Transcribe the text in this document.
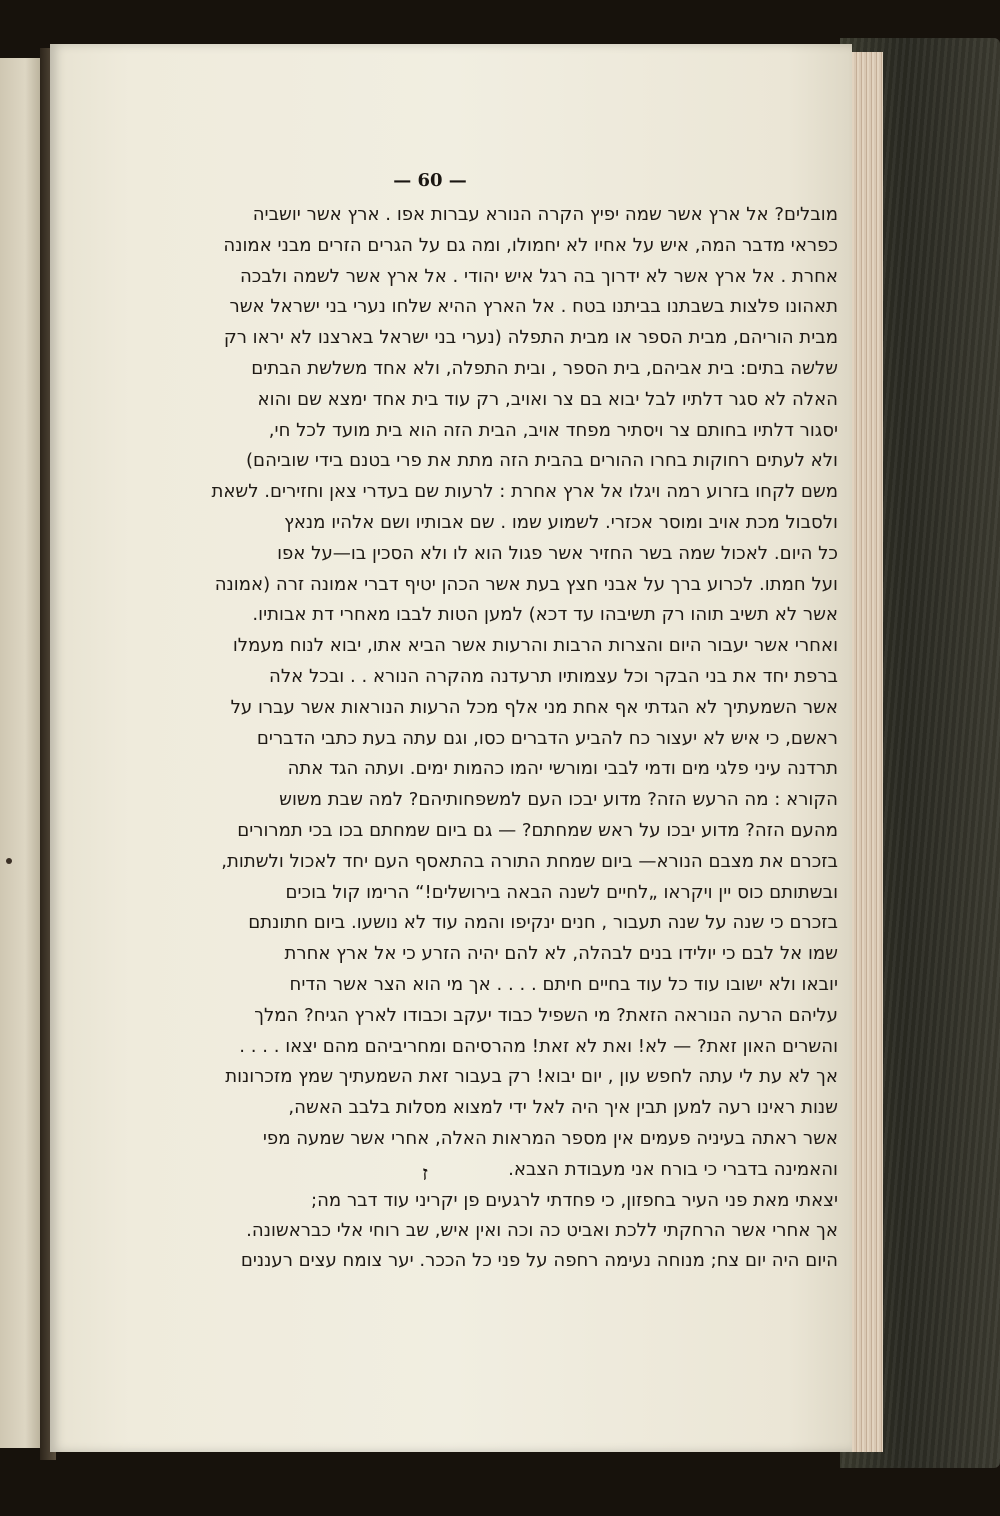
— 60 —
מובלים? אל ארץ אשר שמה יפיץ הקרה הנורא עברות אפו . ארץ אשר יושביה
כפראי מדבר המה, איש על אחיו לא יחמולו, ומה גם על הגרים הזרים מבני אמונה
אחרת . אל ארץ אשר לא ידרוך בה רגל איש יהודי . אל ארץ אשר לשמה ולבכה
תאהונו פלצות בשבתנו בביתנו בטח . אל הארץ ההיא שלחו נערי בני ישראל אשר
מבית הוריהם, מבית הספר או מבית התפלה (נערי בני ישראל בארצנו לא יראו רק
שלשה בתים: בית אביהם, בית הספר , ובית התפלה, ולא אחד משלשת הבתים
האלה לא סגר דלתיו לבל יבוא בם צר ואויב, רק עוד בית אחד ימצא שם והוא
יסגור דלתיו בחותם צר ויסתיר מפחד אויב, הבית הזה הוא בית מועד לכל חי,
ולא לעתים רחוקות בחרו ההורים בהבית הזה מתת את פרי בטנם בידי שוביהם)
משם לקחו בזרוע רמה ויגלו אל ארץ אחרת : לרעות שם בעדרי צאן וחזירים. לשאת
ולסבול מכת אויב ומוסר אכזרי. לשמוע שמו . שם אבותיו ושם אלהיו מנאץ
כל היום. לאכול שמה בשר החזיר אשר פגול הוא לו ולא הסכין בו—על אפו
ועל חמתו. לכרוע ברך על אבני חצץ בעת אשר הכהן יטיף דברי אמונה זרה (אמונה
אשר לא תשיב תוהו רק תשיבהו עד דכא) למען הטות לבבו מאחרי דת אבותיו.
ואחרי אשר יעבור היום והצרות הרבות והרעות אשר הביא אתו, יבוא לנוח מעמלו
ברפת יחד את בני הבקר וכל עצמותיו תרעדנה מהקרה הנורא . . ובכל אלה
אשר השמעתיך לא הגדתי אף אחת מני אלף מכל הרעות הנוראות אשר עברו על
ראשם, כי איש לא יעצור כח להביע הדברים כסו, וגם עתה בעת כתבי הדברים
תרדנה עיני פלגי מים ודמי לבבי ומורשי יהמו כהמות ימים. ועתה הגד אתה
הקורא : מה הרעש הזה? מדוע יבכו העם למשפחותיהם? למה שבת משוש
מהעם הזה? מדוע יבכו על ראש שמחתם? — גם ביום שמחתם בכו בכי תמרורים
בזכרם את מצבם הנורא— ביום שמחת התורה בהתאסף העם יחד לאכול ולשתות,
ובשתותם כוס יין ויקראו „לחיים לשנה הבאה בירושלים!“ הרימו קול בוכים
בזכרם כי שנה על שנה תעבור , חנים ינקיפו והמה עוד לא נושעו. ביום חתונתם
שמו אל לבם כי יולידו בנים לבהלה, לא להם יהיה הזרע כי אל ארץ אחרת
יובאו ולא ישובו עוד כל עוד בחיים חיתם . . . . אך מי הוא הצר אשר הדיח
עליהם הרעה הנוראה הזאת? מי השפיל כבוד יעקב וכבודו לארץ הגיח? המלך
והשרים האון זאת? — לא! ואת לא זאת! מהרסיהם ומחריביהם מהם יצאו . . . .
אך לא עת לי עתה לחפש עון , יום יבוא! רק בעבור זאת השמעתיך שמץ מזכרונות
שנות ראינו רעה למען תבין איך היה לאל ידי למצוא מסלות בלבב האשה,
אשר ראתה בעיניה פעמים אין מספר המראות האלה, אחרי אשר שמעה מפי
והאמינה בדברי כי בורח אני מעבודת הצבא.
ז
יצאתי מאת פני העיר בחפזון, כי פחדתי לרגעים פן יקריני עוד דבר מה;
אך אחרי אשר הרחקתי ללכת ואביט כה וכה ואין איש, שב רוחי אלי כבראשונה.
היום היה יום צח; מנוחה נעימה רחפה על פני כל הככר. יער צומח עצים רעננים
